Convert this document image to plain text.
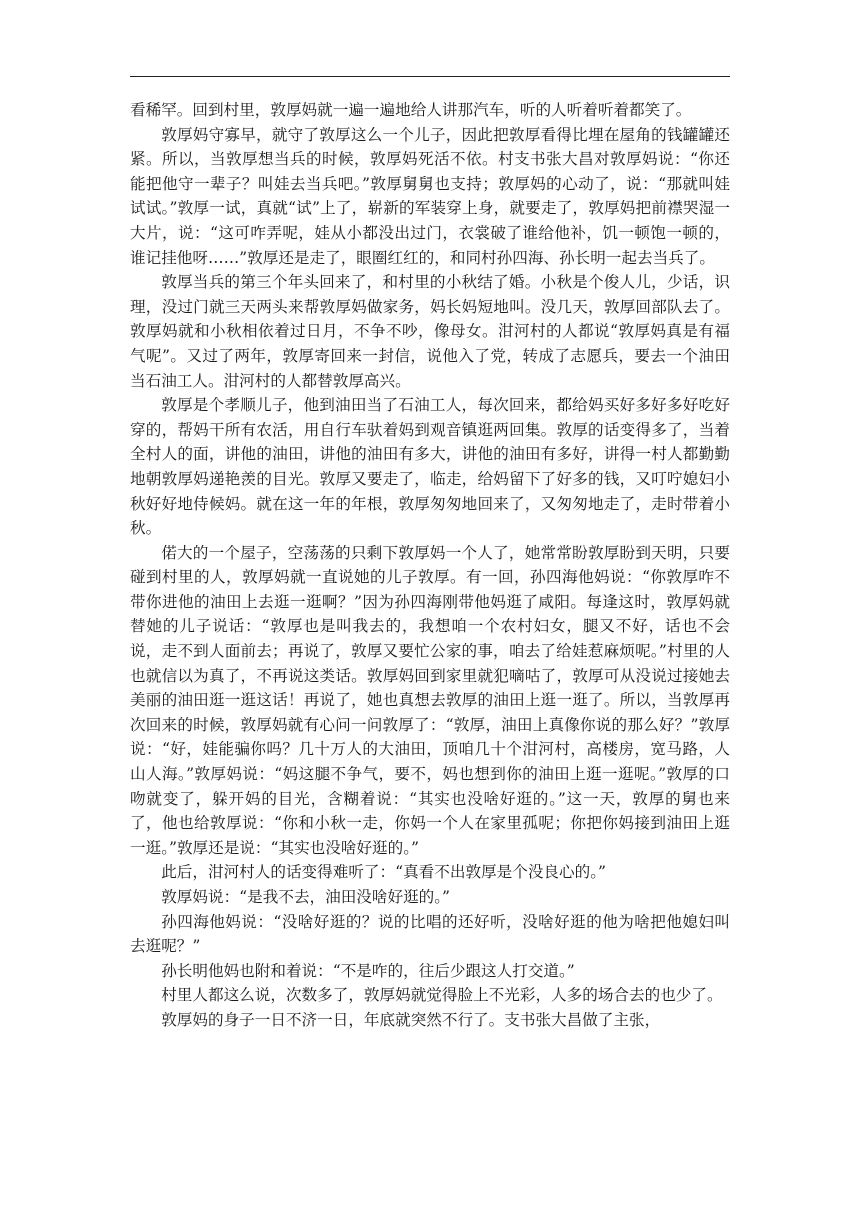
看稀罕。回到村里，敦厚妈就一遍一遍地给人讲那汽车，听的人听着听着都笑了。

敦厚妈守寡早，就守了敦厚这么一个儿子，因此把敦厚看得比埋在屋角的钱罐罐还紧。所以，当敦厚想当兵的时候，敦厚妈死活不依。村支书张大昌对敦厚妈说：“你还能把他守一辈子？叫娃去当兵吧。”敦厚舅舅也支持；敦厚妈的心动了，说：“那就叫娃试试。”敦厚一试，真就“试”上了，崭新的军装穿上身，就要走了，敦厚妈把前襟哭湿一大片，说：“这可咋弄呢，娃从小都没出过门，衣裳破了谁给他补，饥一顿饱一顿的，谁记挂他呀……”敦厚还是走了，眼圈红红的，和同村孙四海、孙长明一起去当兵了。

敦厚当兵的第三个年头回来了，和村里的小秋结了婚。小秋是个俊人儿，少话，识理，没过门就三天两头来帮敦厚妈做家务，妈长妈短地叫。没几天，敦厚回部队去了。敦厚妈就和小秋相依着过日月，不争不吵，像母女。泔河村的人都说“敦厚妈真是有福气呢”。又过了两年，敦厚寄回来一封信，说他入了党，转成了志愿兵，要去一个油田当石油工人。泔河村的人都替敦厚高兴。

敦厚是个孝顺儿子，他到油田当了石油工人，每次回来，都给妈买好多好多好吃好穿的，帮妈干所有农活，用自行车驮着妈到观音镇逛两回集。敦厚的话变得多了，当着全村人的面，讲他的油田，讲他的油田有多大，讲他的油田有多好，讲得一村人都勤勤地朝敦厚妈递艳羡的目光。敦厚又要走了，临走，给妈留下了好多的钱，又叮咛媳妇小秋好好地侍候妈。就在这一年的年根，敦厚匆匆地回来了，又匆匆地走了，走时带着小秋。

偌大的一个屋子，空荡荡的只剩下敦厚妈一个人了，她常常盼敦厚盼到天明，只要碰到村里的人，敦厚妈就一直说她的儿子敦厚。有一回，孙四海他妈说：“你敦厚咋不带你进他的油田上去逛一逛啊？”因为孙四海刚带他妈逛了咸阳。每逢这时，敦厚妈就替她的儿子说话：“敦厚也是叫我去的，我想咱一个农村妇女，腿又不好，话也不会说，走不到人面前去；再说了，敦厚又要忙公家的事，咱去了给娃惹麻烦呢。”村里的人也就信以为真了，不再说这类话。敦厚妈回到家里就犯嘀咕了，敦厚可从没说过接她去美丽的油田逛一逛这话！再说了，她也真想去敦厚的油田上逛一逛了。所以，当敦厚再次回来的时候，敦厚妈就有心问一问敦厚了：“敦厚，油田上真像你说的那么好？”敦厚说：“好，娃能骗你吗？几十万人的大油田，顶咱几十个泔河村，高楼房，宽马路，人山人海。”敦厚妈说：“妈这腿不争气，要不，妈也想到你的油田上逛一逛呢。”敦厚的口吻就变了，躲开妈的目光，含糊着说：“其实也没啥好逛的。”这一天，敦厚的舅也来了，他也给敦厚说：“你和小秋一走，你妈一个人在家里孤呢；你把你妈接到油田上逛一逛。”敦厚还是说：“其实也没啥好逛的。”

此后，泔河村人的话变得难听了：“真看不出敦厚是个没良心的。”

敦厚妈说：“是我不去，油田没啥好逛的。”

孙四海他妈说：“没啥好逛的？说的比唱的还好听，没啥好逛的他为啥把他媳妇叫去逛呢？”

孙长明他妈也附和着说：“不是咋的，往后少跟这人打交道。”

村里人都这么说，次数多了，敦厚妈就觉得脸上不光彩，人多的场合去的也少了。

敦厚妈的身子一日不济一日，年底就突然不行了。支书张大昌做了主张，
